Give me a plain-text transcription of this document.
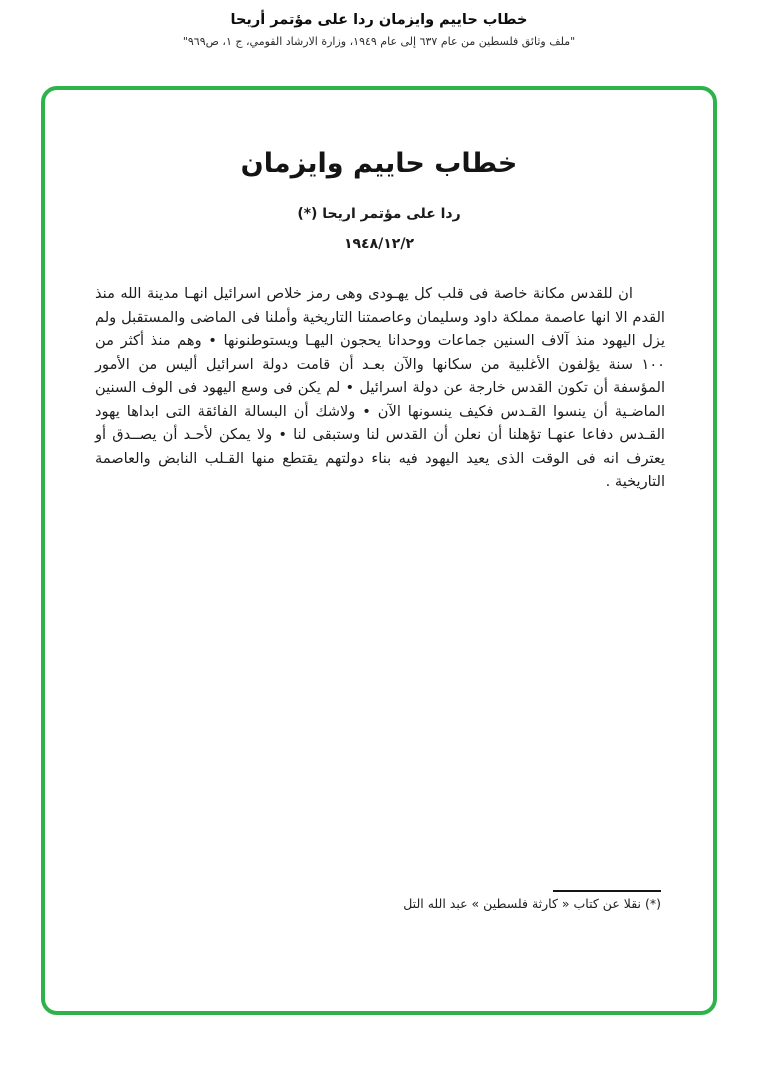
خطاب حاييم وايزمان ردا على مؤتمر أريحا
"ملف وثائق فلسطين من عام ٦٣٧ إلى عام ١٩٤٩، وزارة الارشاد القومي، ج ١، ص٩٦٩"
خطاب حاييم وايزمان
ردا على مؤتمر اريحا (*)
١٩٤٨/١٢/٢

ان للقدس مكانة خاصة فى قلب كل يهـودى وهى رمز خلاص اسرائيل انهـا مدينة الله منذ القدم الا انها عاصمة مملكة داود وسليمان وعاصمتنا التاريخية وأملنا فى الماضى والمستقبل ولم يزل اليهود منذ آلاف السنين جماعات ووحدانا يحجون اليهـا ويستوطنونها • وهم منذ أكثر من ١٠٠ سنة يؤلفون الأغلبية من سكانها والآن بعـد أن قامت دولة اسرائيل أليس من الأمور المؤسفة أن تكون القدس خارجة عن دولة اسرائيل • لم يكن فى وسع اليهود فى الوف السنين الماضـية أن ينسوا القـدس فكيف ينسونها الآن • ولاشك أن البسالة الفائقة التى ابداها يهود القـدس دفاعا عنهـا تؤهلنا أن نعلن أن القدس لنا وستبقى لنا • ولا يمكن لأحـد أن يصــدق أو يعترف انه فى الوقت الذى يعيد اليهود فيه بناء دولتهم يقتطع منها القـلب النابض والعاصمة التاريخية .

(*) نقلا عن كتاب « كارثة فلسطين » عبد الله التل
